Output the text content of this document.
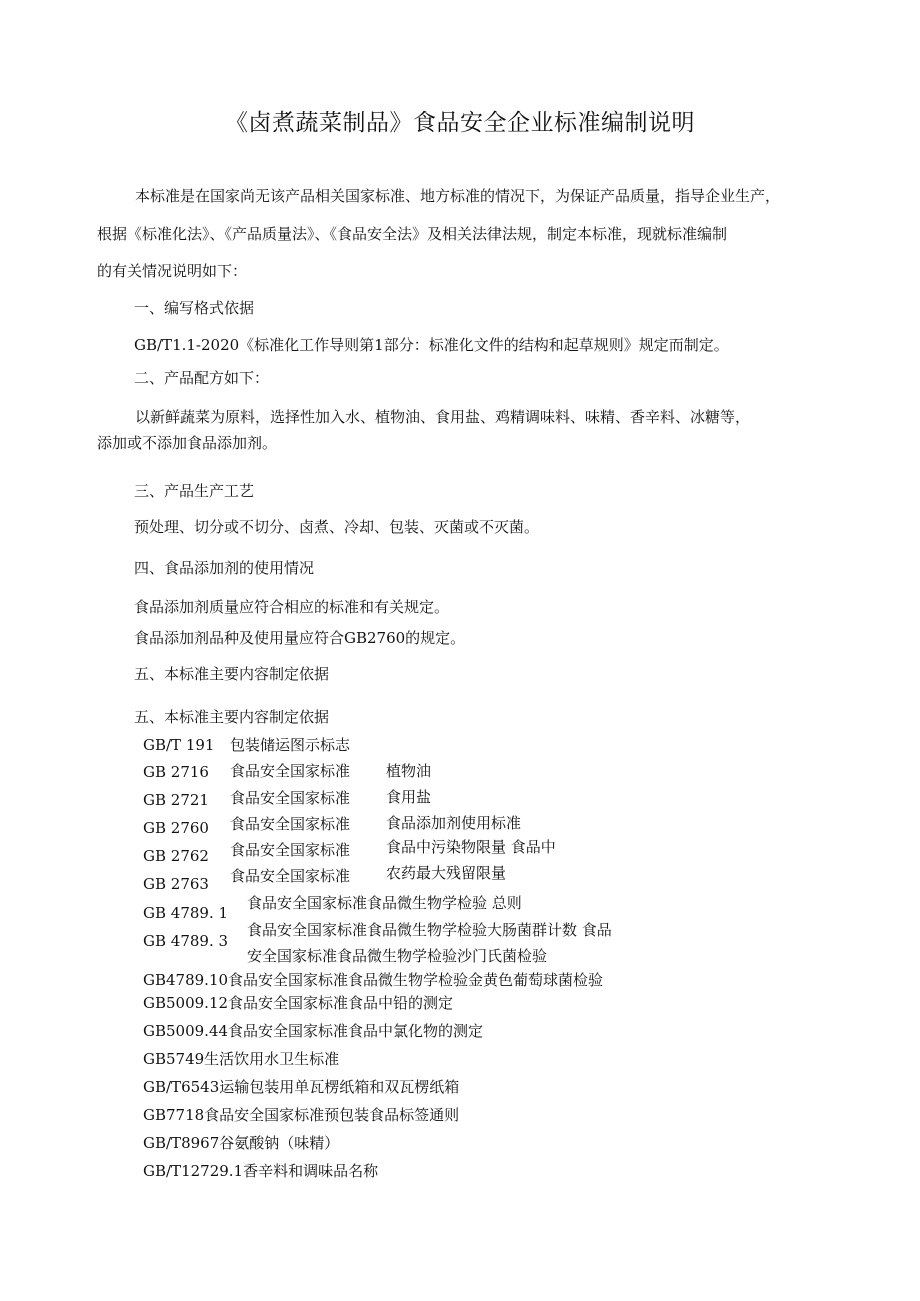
《卤煮蔬菜制品》食品安全企业标准编制说明
本标准是在国家尚无该产品相关国家标准、地方标准的情况下，为保证产品质量，指导企业生产，
根据《标准化法》、《产品质量法》、《食品安全法》及相关法律法规，制定本标准，现就标准编制
的有关情况说明如下：
一、编写格式依据
GB/T1.1-2020《标准化工作导则第1部分：标准化文件的结构和起草规则》规定而制定。
二、产品配方如下：
以新鲜蔬菜为原料，选择性加入水、植物油、食用盐、鸡精调味料、味精、香辛料、冰糖等，
添加或不添加食品添加剂。
三、产品生产工艺
预处理、切分或不切分、卤煮、冷却、包装、灭菌或不灭菌。
四、食品添加剂的使用情况
食品添加剂质量应符合相应的标准和有关规定。
食品添加剂品种及使用量应符合GB2760的规定。
五、本标准主要内容制定依据
五、本标准主要内容制定依据
GB/T 191
GB 2716
GB 2721
GB 2760
GB 2762
GB 2763
GB 4789. 1
GB 4789. 3
包装储运图示标志
食品安全国家标准
食品安全国家标准
食品安全国家标准
食品安全国家标准
食品安全国家标准
植物油
食用盐
食品添加剂使用标准
食品中污染物限量 食品中
农药最大残留限量
食品安全国家标准食品微生物学检验 总则
食品安全国家标准食品微生物学检验大肠菌群计数 食品
安全国家标准食品微生物学检验沙门氏菌检验
GB4789.10食品安全国家标准食品微生物学检验金黄色葡萄球菌检验
GB5009.12食品安全国家标准食品中铅的测定
GB5009.44食品安全国家标准食品中氯化物的测定
GB5749生活饮用水卫生标准
GB/T6543运输包装用单瓦楞纸箱和双瓦楞纸箱
GB7718食品安全国家标准预包装食品标签通则
GB/T8967谷氨酸钠（味精）
GB/T12729.1香辛料和调味品名称
